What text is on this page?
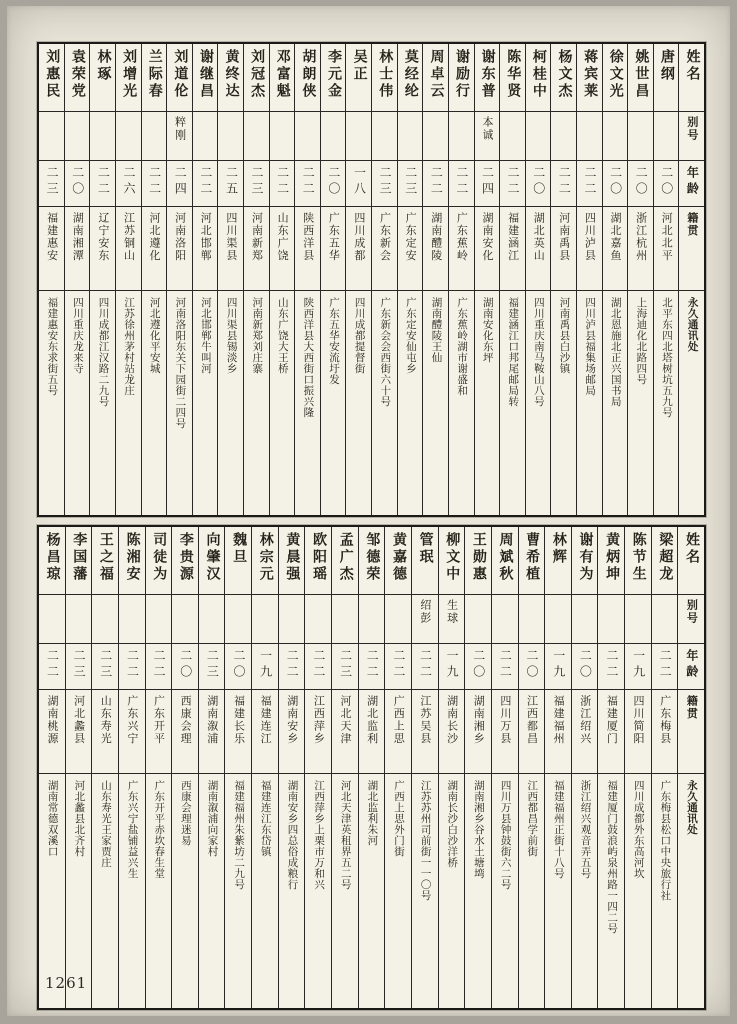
姓名
别号
年龄
籍贯
永久通讯处
唐纲
二〇
河北北平
北平东四北塔树坑五九号
姚世昌
二〇
浙江杭州
上海迪化北路四号
徐文光
二〇
湖北嘉鱼
湖北恩施北正兴国书局
蒋宾莱
二二
四川泸县
四川泸县福集场邮局
杨文杰
二二
河南禹县
河南禹县白沙镇
柯桂中
二〇
湖北英山
四川重庆南马鞍山八号
陈华贤
二二
福建涵江
福建涵江口邦尾邮局转
谢东普
本诚
二四
湖南安化
湖南安化东坪
谢励行
二二
广东蕉岭
广东蕉岭湖市谢盛和
周卓云
二二
湖南醴陵
湖南醴陵王仙
莫经纶
二三
广东定安
广东定安仙屯乡
林士伟
二三
广东新会
广东新会会西街六十号
吴正
一八
四川成都
四川成都提督街
李元金
二〇
广东五华
广东五华安流圩发
胡朗侠
二二
陕西洋县
陕西洋县大西街口振兴隆
邓富魁
二二
山东广饶
山东广饶大王桥
刘冠杰
二三
河南新郑
河南新郑刘庄寨
黄终达
二五
四川渠县
四川渠县锡淡乡
谢继昌
二二
河北邯郸
河北邯郸牛叫河
刘道伦
粹刚
二四
河南洛阳
河南洛阳东关下园街二四号
兰际春
二二
河北遵化
河北遵化平安城
刘增光
二六
江苏铜山
江苏徐州茅村站龙庄
林琢
二二
辽宁安东
四川成都江汉路二九号
袁荣党
二〇
湖南湘潭
四川重庆龙来寺
刘惠民
二三
福建惠安
福建惠安东求街五号
姓名
别号
年龄
籍贯
永久通讯处
梁超龙
二二
广东梅县
广东梅县松口中央旅行社
陈节生
一九
四川简阳
四川成都外东高河坎
黄炳坤
二二
福建厦门
福建厦门鼓浪屿泉州路一四二号
谢有为
二〇
浙江绍兴
浙江绍兴观音弄五号
林辉
一九
福建福州
福建福州正街十八号
曹希植
二〇
江西都昌
江西都昌学前街
周斌秋
二二
四川万县
四川万县钟鼓街六二号
王勋惠
二〇
湖南湘乡
湖南湘乡谷水土塘塆
柳文中
生球
一九
湖南长沙
湖南长沙白沙洋桥
管珉
绍彭
二二
江苏吴县
江苏苏州司前街一一〇号
黄嘉德
二二
广西上思
广西上思外门街
邹德荣
二二
湖北监利
湖北监利朱河
孟广杰
二三
河北天津
河北天津英租界五二号
欧阳瑶
二二
江西萍乡
江西萍乡上栗市万和兴
黄晨强
二二
湖南安乡
湖南安乡四总俗成粮行
林宗元
一九
福建连江
福建连江东岱镇
魏旦
二〇
福建长乐
福建福州朱紫坊二九号
向肇汉
二三
湖南溆浦
湖南溆浦向家村
李贵源
二〇
西康会理
西康会理迷易
司徒为
二二
广东开平
广东开平赤坎春生堂
陈湘安
二二
广东兴宁
广东兴宁盐铺益兴生
王之福
二三
山东寿光
山东寿光王家贾庄
李国藩
二三
河北蠡县
河北蠡县北齐村
杨昌琼
二二
湖南桃源
湖南常德双溪口
1261
